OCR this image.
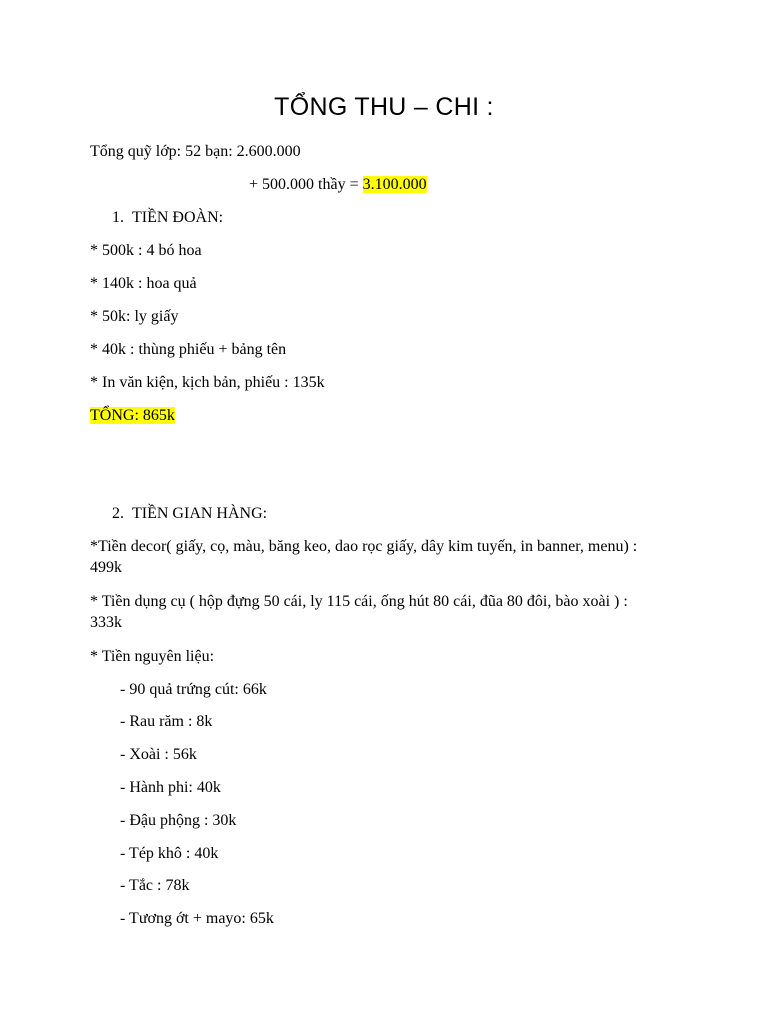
TỔNG THU – CHI :
Tổng quỹ lớp: 52 bạn: 2.600.000
+ 500.000 thầy = 3.100.000
1. TIỀN ĐOÀN:
* 500k : 4 bó hoa
* 140k : hoa quả
* 50k: ly giấy
* 40k : thùng phiếu + bảng tên
* In văn kiện, kịch bản, phiếu : 135k
TỔNG: 865k
2. TIỀN GIAN HÀNG:
*Tiền decor( giấy, cọ, màu, băng keo, dao rọc giấy, dây kim tuyến, in banner, menu) : 499k
* Tiền dụng cụ ( hộp đựng 50 cái, ly 115 cái, ống hút 80 cái, đũa 80 đôi, bào xoài ) : 333k
* Tiền nguyên liệu:
- 90 quả trứng cút: 66k
- Rau răm : 8k
- Xoài : 56k
- Hành phi: 40k
- Đậu phộng : 30k
- Tép khô : 40k
- Tắc : 78k
- Tương ớt + mayo: 65k
